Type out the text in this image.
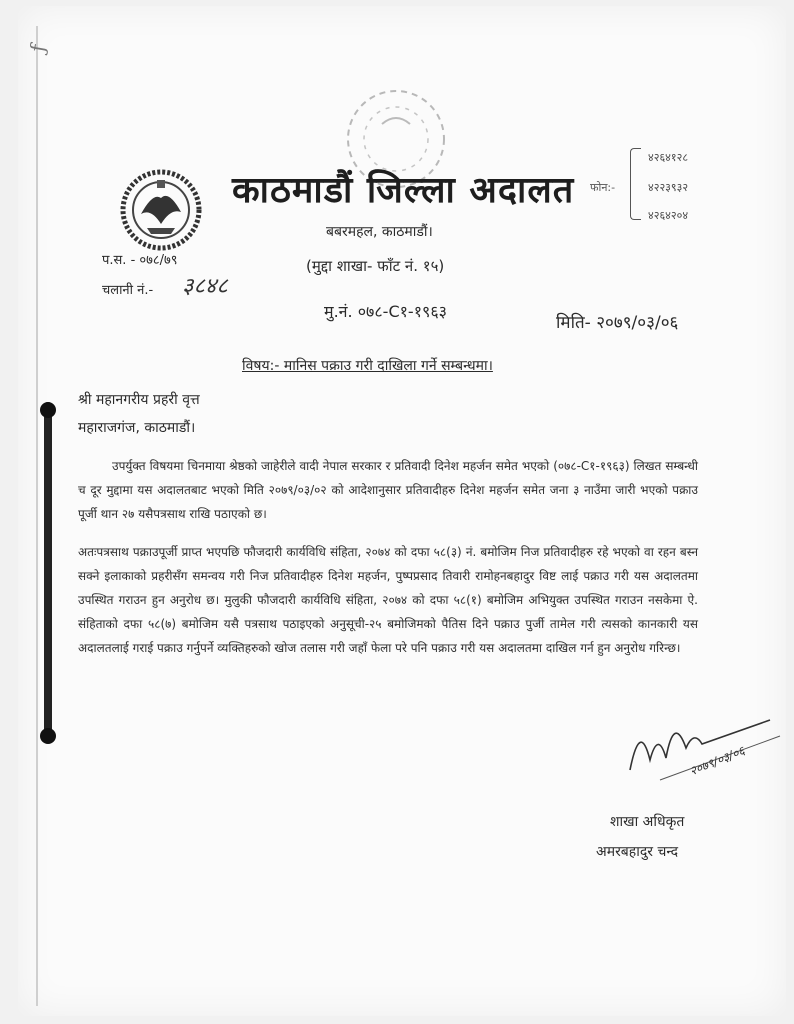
ƒ
काठमाडौं जिल्ला अदालत
बबरमहल, काठमाडौं।
(मुद्दा शाखा- फाँट नं. १५)
मु.नं. ०७८-C१-१९६३
मिति- २०७९/०३/०६
फोन:-
४२६४१२८
४२२३९३२
४२६४२०४
प.स. - ०७८/७९
चलानी नं.- ३८४८
विषय:- मानिस पक्राउ गरी दाखिला गर्ने सम्बन्धमा।
श्री महानगरीय प्रहरी वृत्त
महाराजगंज, काठमाडौं।
उपर्युक्त विषयमा चिनमाया श्रेष्ठको जाहेरीले वादी नेपाल सरकार र प्रतिवादी दिनेश महर्जन समेत भएको (०७८-C१-१९६३) लिखत सम्बन्धी च दूर मुद्दामा यस अदालतबाट भएको मिति २०७९/०३/०२ को आदेशानुसार प्रतिवादीहरु दिनेश महर्जन समेत जना ३ नाउँमा जारी भएको पक्राउ पूर्जी थान २७ यसैपत्रसाथ राखि पठाएको छ।
अतःपत्रसाथ पक्राउपूर्जी प्राप्त भएपछि फौजदारी कार्यविधि संहिता, २०७४ को दफा ५८(३) नं. बमोजिम निज प्रतिवादीहरु रहे भएको वा रहन बस्न सक्ने इलाकाको प्रहरीसँग समन्वय गरी निज प्रतिवादीहरु दिनेश महर्जन, पुष्पप्रसाद तिवारी रामोहनबहादुर विष्ट लाई पक्राउ गरी यस अदालतमा उपस्थित गराउन हुन अनुरोध छ। मुलुकी फौजदारी कार्यविधि संहिता, २०७४ को दफा ५८(१) बमोजिम अभियुक्त उपस्थित गराउन नसकेमा ऐ. संहिताको दफा ५८(७) बमोजिम यसै पत्रसाथ पठाइएको अनुसूची-२५ बमोजिमको पैतिस दिने पक्राउ पुर्जी तामेल गरी त्यसको कानकारी यस अदालतलाई गराई पक्राउ गर्नुपर्ने व्यक्तिहरुको खोज तलास गरी जहाँ फेला परे पनि पक्राउ गरी यस अदालतमा दाखिल गर्न हुन अनुरोध गरिन्छ।
२०७९/०३/०६
शाखा अधिकृत
अमरबहादुर चन्द
